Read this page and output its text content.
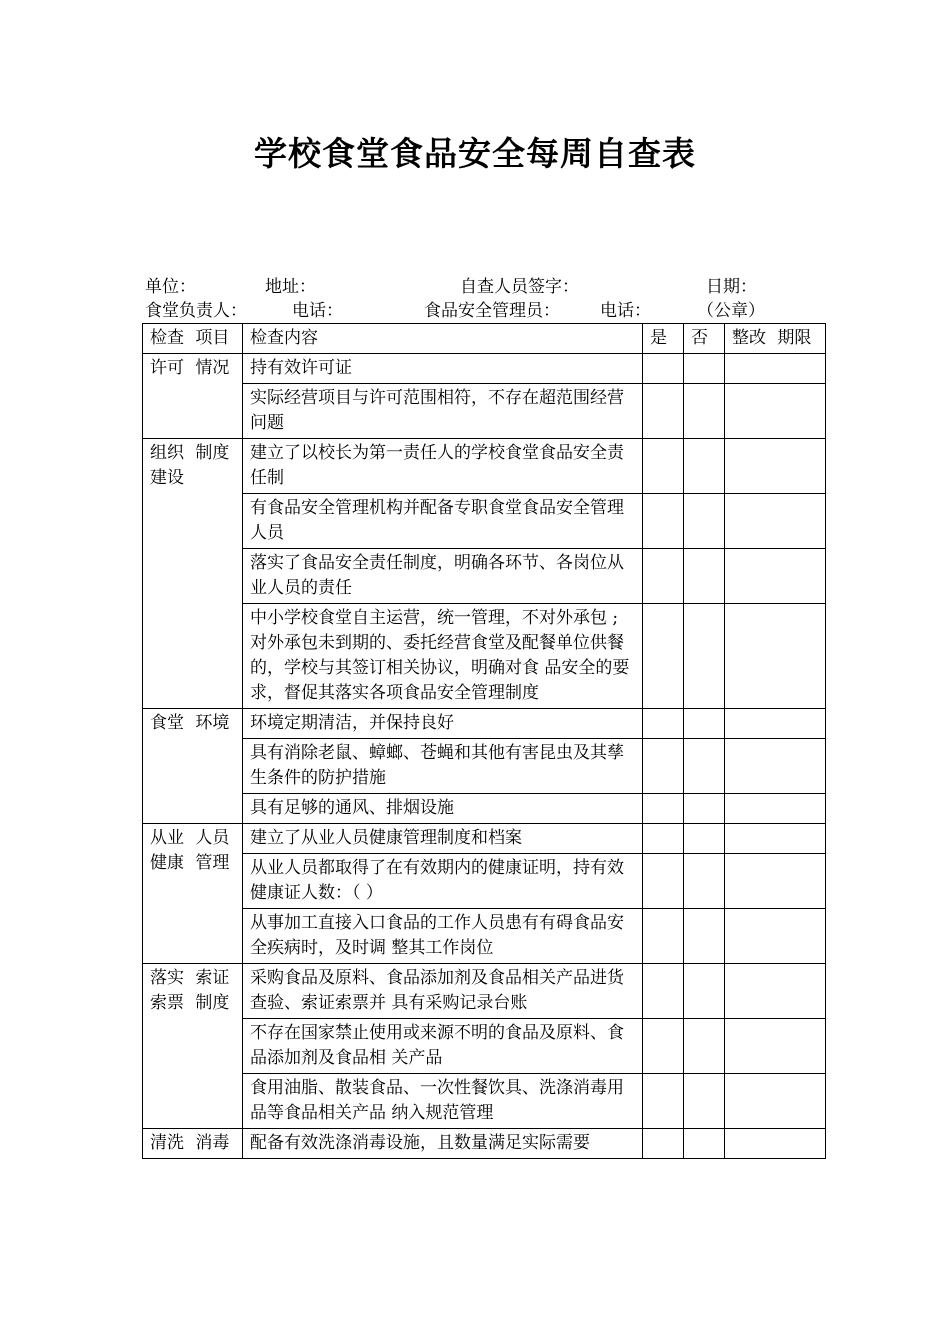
学校食堂食品安全每周自查表
单位：	地址：	自查人员签字：	日期：
食堂负责人：	电话：	食品安全管理员： 电话：	（公章）
检查 项目	检查内容	是	否	整改 期限
许可 情况	持有效许可证			
	实际经营项目与许可范围相符，不存在超范围经营问题			
组织 制度建设	建立了以校长为第一责任人的学校食堂食品安全责任制			
	有食品安全管理机构并配备专职食堂食品安全管理人员			
	落实了食品安全责任制度，明确各环节、各岗位从业人员的责任			
	中小学校食堂自主运营，统一管理，不对外承包 ;对外承包未到期的、委托经营食堂及配餐单位供餐的，学校与其签订相关协议，明确对食 品安全的要求，督促其落实各项食品安全管理制度			
食堂 环境	环境定期清洁，并保持良好			
	具有消除老鼠、蟑螂、苍蝇和其他有害昆虫及其孳生条件的防护措施			
	具有足够的通风、排烟设施			
从业 人员健康 管理	建立了从业人员健康管理制度和档案			
	从业人员都取得了在有效期内的健康证明，持有效健康证人数：（ ）			
	从事加工直接入口食品的工作人员患有有碍食品安全疾病时，及时调 整其工作岗位			
落实 索证索票 制度	采购食品及原料、食品添加剂及食品相关产品进货查验、索证索票并 具有采购记录台账			
	不存在国家禁止使用或来源不明的食品及原料、食品添加剂及食品相 关产品			
	食用油脂、散装食品、一次性餐饮具、洗涤消毒用品等食品相关产品 纳入规范管理			
清洗 消毒	配备有效洗涤消毒设施，且数量满足实际需要			
